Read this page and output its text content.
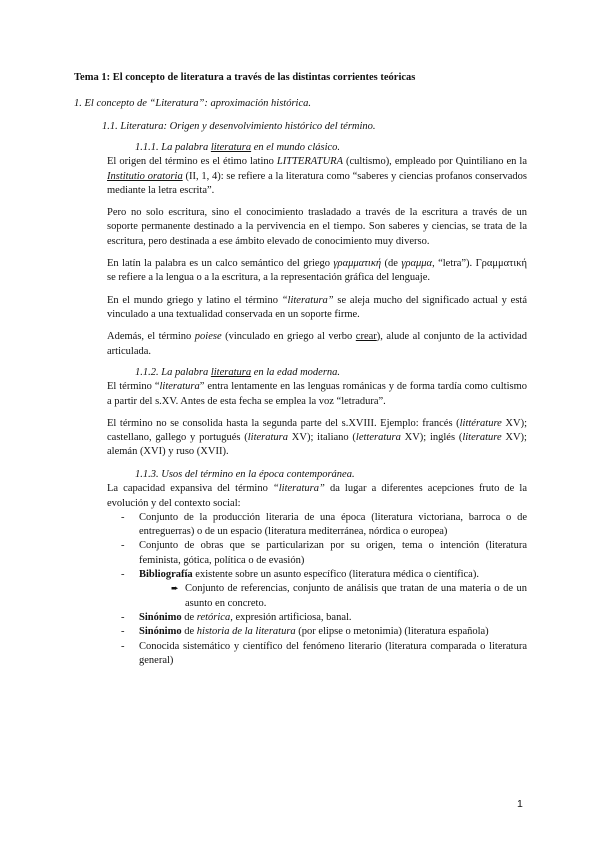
Tema 1: El concepto de literatura a través de las distintas corrientes teóricas

1. El concepto de “Literatura”: aproximación histórica.

1.1. Literatura: Origen y desenvolvimiento histórico del término.

1.1.1. La palabra literatura en el mundo clásico.

El origen del término es el étimo latino LITTERATURA (cultismo), empleado por Quintiliano en la Institutio oratoria (II, 1, 4): se refiere a la literatura como “saberes y ciencias profanos conservados mediante la letra escrita”.

Pero no solo escritura, sino el conocimiento trasladado a través de la escritura a través de un soporte permanente destinado a la pervivencia en el tiempo. Son saberes y ciencias, se trata de la escritura, pero destinada a ese ámbito elevado de conocimiento muy diverso.

En latín la palabra es un calco semántico del griego γραμματική (de γραμμα, “letra”). Γραμματική se refiere a la lengua o a la escritura, a la representación gráfica del lenguaje.

En el mundo griego y latino el término “literatura” se aleja mucho del significado actual y está vinculado a una textualidad conservada en un soporte firme.

Además, el término poiese (vinculado en griego al verbo crear), alude al conjunto de la actividad articulada.

1.1.2. La palabra literatura en la edad moderna.

El término “literatura” entra lentamente en las lenguas románicas y de forma tardía como cultismo a partir del s.XV. Antes de esta fecha se emplea la voz “letradura”.

El término no se consolida hasta la segunda parte del s.XVIII. Ejemplo: francés (littérature XV); castellano, gallego y portugués (literatura XV); italiano (letteratura XV); inglés (literature XV); alemán (XVI) y ruso (XVII).

1.1.3. Usos del término en la época contemporánea.

La capacidad expansiva del término “literatura” da lugar a diferentes acepciones fruto de la evolución y del contexto social:

- Conjunto de la producción literaria de una época (literatura victoriana, barroca o de entreguerras) o de un espacio (literatura mediterránea, nórdica o europea)
- Conjunto de obras que se particularizan por su origen, tema o intención (literatura feminista, gótica, política o de evasión)
- Bibliografía existente sobre un asunto específico (literatura médica o científica).

➨ Conjunto de referencias, conjunto de análisis que tratan de una materia o de un asunto en concreto.

- Sinónimo de retórica, expresión artificiosa, banal.
- Sinónimo de historia de la literatura (por elipse o metonimia) (literatura española)
- Conocida sistemático y científico del fenómeno literario (literatura comparada o literatura general)
1
